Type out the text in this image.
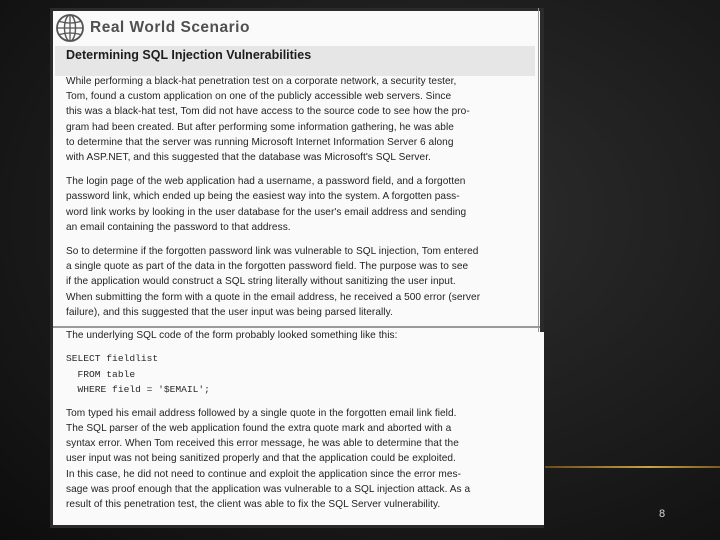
8
Real World Scenario
Determining SQL Injection Vulnerabilities

While performing a black-hat penetration test on a corporate network, a security tester,
Tom, found a custom application on one of the publicly accessible web servers. Since
this was a black-hat test, Tom did not have access to the source code to see how the pro-
gram had been created. But after performing some information gathering, he was able
to determine that the server was running Microsoft Internet Information Server 6 along
with ASP.NET, and this suggested that the database was Microsoft's SQL Server.

The login page of the web application had a username, a password field, and a forgotten
password link, which ended up being the easiest way into the system. A forgotten pass-
word link works by looking in the user database for the user's email address and sending
an email containing the password to that address.

So to determine if the forgotten password link was vulnerable to SQL injection, Tom entered
a single quote as part of the data in the forgotten password field. The purpose was to see
if the application would construct a SQL string literally without sanitizing the user input.
When submitting the form with a quote in the email address, he received a 500 error (server
failure), and this suggested that the user input was being parsed literally.

The underlying SQL code of the form probably looked something like this:

SELECT fieldlist
FROM table
WHERE field = '$EMAIL';

Tom typed his email address followed by a single quote in the forgotten email link field.
The SQL parser of the web application found the extra quote mark and aborted with a
syntax error. When Tom received this error message, he was able to determine that the
user input was not being sanitized properly and that the application could be exploited.
In this case, he did not need to continue and exploit the application since the error mes-
sage was proof enough that the application was vulnerable to a SQL injection attack. As a
result of this penetration test, the client was able to fix the SQL Server vulnerability.
